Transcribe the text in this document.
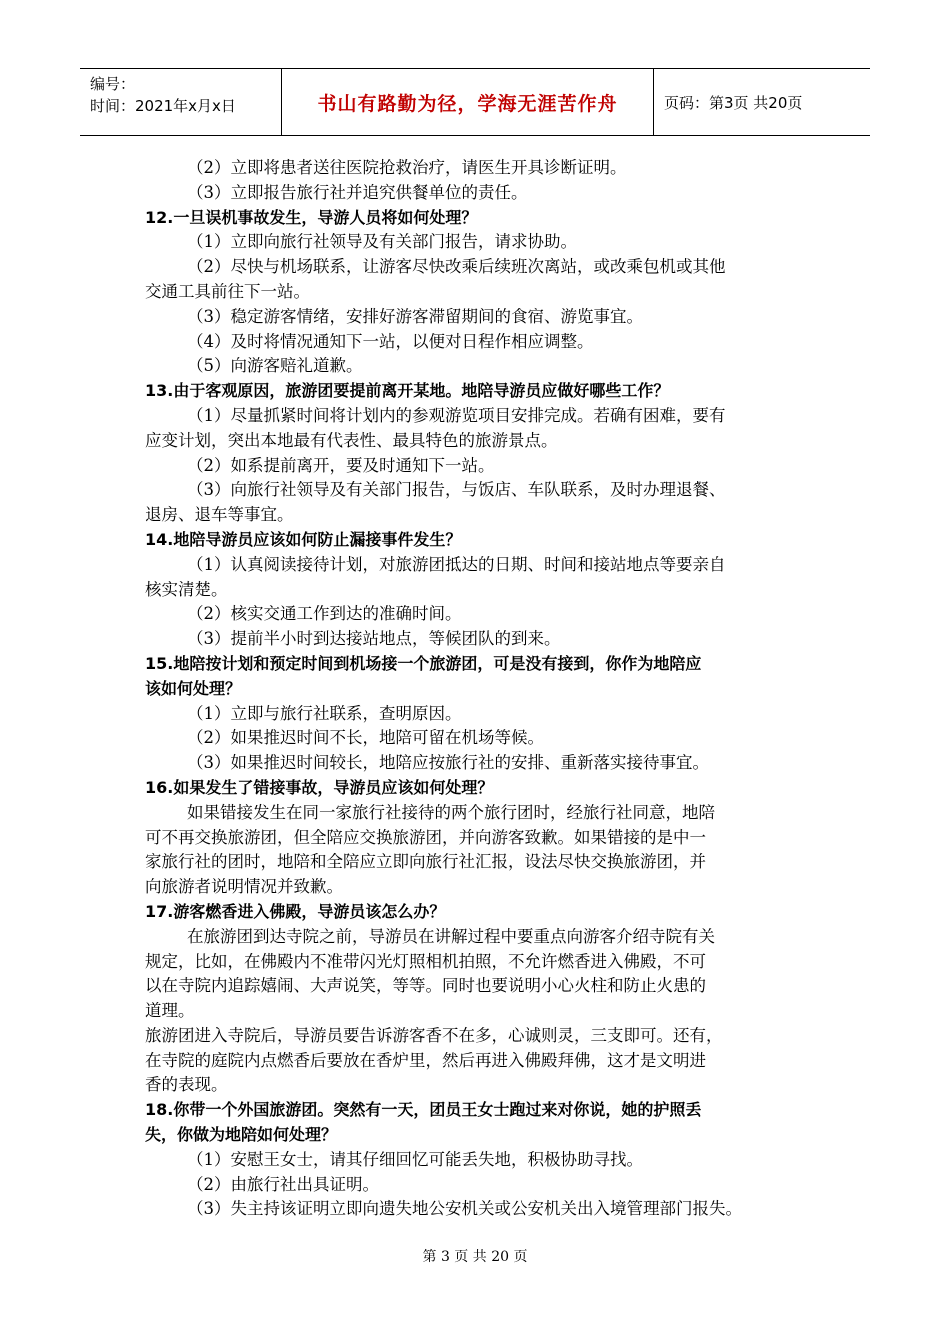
编号：
时间：2021年x月x日	书山有路勤为径，学海无涯苦作舟	页码：第3页 共20页
（2）立即将患者送往医院抢救治疗，请医生开具诊断证明。
（3）立即报告旅行社并追究供餐单位的责任。
12.一旦误机事故发生，导游人员将如何处理？
（1）立即向旅行社领导及有关部门报告，请求协助。
（2）尽快与机场联系，让游客尽快改乘后续班次离站，或改乘包机或其他
交通工具前往下一站。
（3）稳定游客情绪，安排好游客滞留期间的食宿、游览事宜。
（4）及时将情况通知下一站，以便对日程作相应调整。
（5）向游客赔礼道歉。
13.由于客观原因，旅游团要提前离开某地。地陪导游员应做好哪些工作？
（1）尽量抓紧时间将计划内的参观游览项目安排完成。若确有困难，要有
应变计划，突出本地最有代表性、最具特色的旅游景点。
（2）如系提前离开，要及时通知下一站。
（3）向旅行社领导及有关部门报告，与饭店、车队联系，及时办理退餐、
退房、退车等事宜。
14.地陪导游员应该如何防止漏接事件发生？
（1）认真阅读接待计划，对旅游团抵达的日期、时间和接站地点等要亲自
核实清楚。
（2）核实交通工作到达的准确时间。
（3）提前半小时到达接站地点，等候团队的到来。
15.地陪按计划和预定时间到机场接一个旅游团，可是没有接到，你作为地陪应
该如何处理？
（1）立即与旅行社联系，查明原因。
（2）如果推迟时间不长，地陪可留在机场等候。
（3）如果推迟时间较长，地陪应按旅行社的安排、重新落实接待事宜。
16.如果发生了错接事故，导游员应该如何处理？
如果错接发生在同一家旅行社接待的两个旅行团时，经旅行社同意，地陪
可不再交换旅游团，但全陪应交换旅游团，并向游客致歉。如果错接的是中一
家旅行社的团时，地陪和全陪应立即向旅行社汇报，设法尽快交换旅游团，并
向旅游者说明情况并致歉。
17.游客燃香进入佛殿，导游员该怎么办？
在旅游团到达寺院之前，导游员在讲解过程中要重点向游客介绍寺院有关
规定，比如，在佛殿内不准带闪光灯照相机拍照，不允许燃香进入佛殿，不可
以在寺院内追踪嬉闹、大声说笑，等等。同时也要说明小心火柱和防止火患的
道理。
旅游团进入寺院后，导游员要告诉游客香不在多，心诚则灵，三支即可。还有，
在寺院的庭院内点燃香后要放在香炉里，然后再进入佛殿拜佛，这才是文明进
香的表现。
18.你带一个外国旅游团。突然有一天，团员王女士跑过来对你说，她的护照丢
失，你做为地陪如何处理？
（1）安慰王女士，请其仔细回忆可能丢失地，积极协助寻找。
（2）由旅行社出具证明。
（3）失主持该证明立即向遗失地公安机关或公安机关出入境管理部门报失。
第 3 页 共 20 页
